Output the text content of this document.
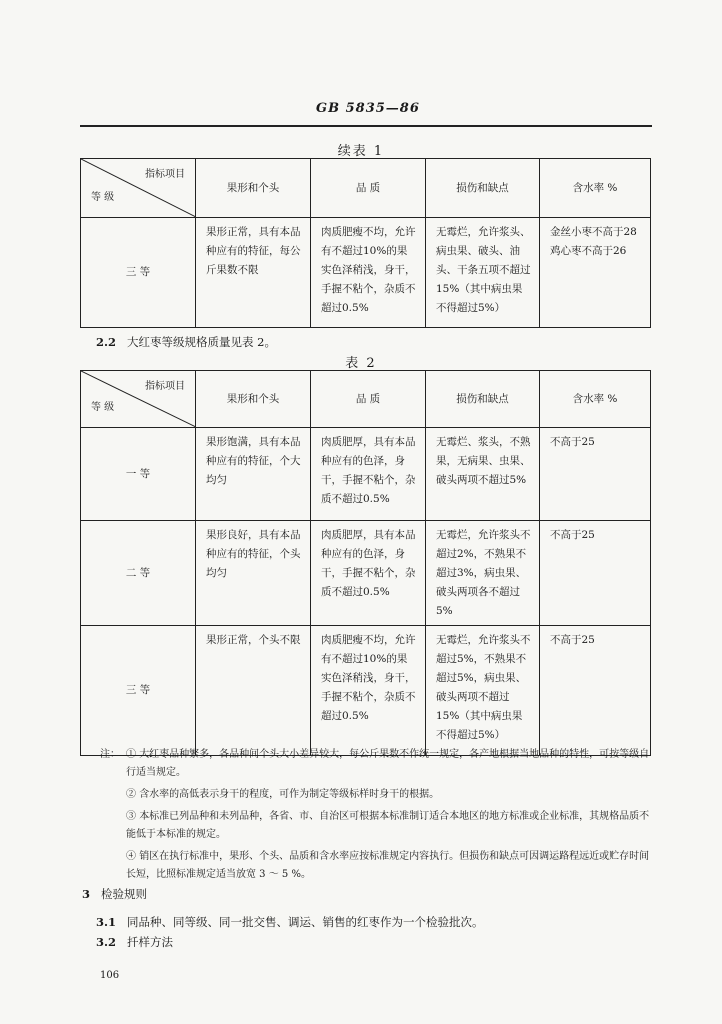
GB 5835—86
续表 1
指标项目
等 级	果形和个头	品 质	损伤和缺点	含水率 %
三 等	果形正常，具有本品种应有的特征，每公斤果数不限	肉质肥瘦不均，允许有不超过10%的果实色泽稍浅，身干，手握不粘个，杂质不超过0.5%	无霉烂，允许浆头、病虫果、破头、油头、干条五项不超过15%（其中病虫果不得超过5%）	金丝小枣不高于28
鸡心枣不高于26
2.2 大红枣等级规格质量见表 2。
表 2
指标项目
等 级	果形和个头	品 质	损伤和缺点	含水率 %
一 等	果形饱满，具有本品种应有的特征，个大均匀	肉质肥厚，具有本品种应有的色泽，身干，手握不粘个，杂质不超过0.5%	无霉烂、浆头，不熟果，无病果、虫果、破头两项不超过5%	不高于25

二 等	果形良好，具有本品种应有的特征，个头均匀	肉质肥厚，具有本品种应有的色泽，身干，手握不粘个，杂质不超过0.5%	无霉烂，允许浆头不超过2%，不熟果不超过3%，病虫果、破头两项各不超过5%	不高于25

三 等	果形正常，个头不限	肉质肥瘦不均，允许有不超过10%的果实色泽稍浅，身干，手握不粘个，杂质不超过0.5%	无霉烂，允许浆头不超过5%，不熟果不超过5%，病虫果、破头两项不超过15%（其中病虫果不得超过5%）	不高于25
注： ① 大红枣品种繁多，各品种间个头大小差异较大，每公斤果数不作统一规定，各产地根据当地品种的特性，可按等级自行适当规定。
② 含水率的高低表示身干的程度，可作为制定等级标样时身干的根据。
③ 本标准已列品种和未列品种，各省、市、自治区可根据本标准制订适合本地区的地方标准或企业标准，其规格品质不能低于本标准的规定。
④ 销区在执行标准中，果形、个头、品质和含水率应按标准规定内容执行。但损伤和缺点可因调运路程远近或贮存时间长短，比照标准规定适当放宽 3 ～ 5 %。
3 检验规则
3.1 同品种、同等级、同一批交售、调运、销售的红枣作为一个检验批次。
3.2 扦样方法
106
